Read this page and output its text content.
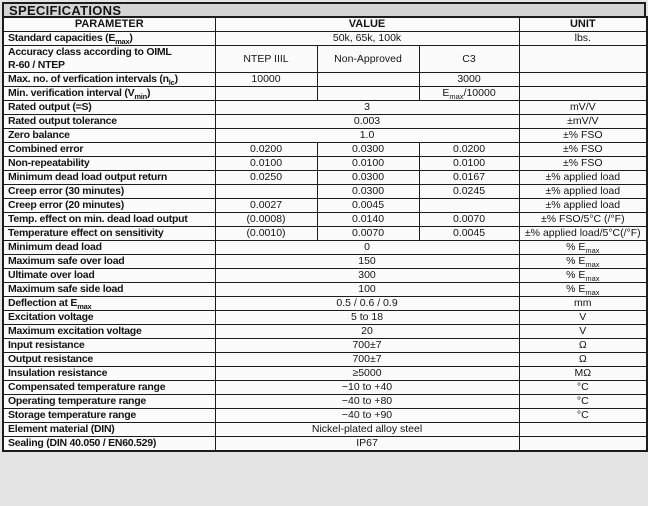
SPECIFICATIONS
PARAMETER	VALUE			UNIT

Standard capacities $(E_{max})$	50k, 65k, 100k			lbs.

Accuracy class according to OIML
R-60 / NTEP	NTEP IIIL	Non-Approved	C3	

Max. no. of verfication intervals $(n_{lc})$	10000		3000	

Min. verification interval $(V_{min})$			$E_{max}/10000$	

Rated output (=S)	3			mV/V

Rated output tolerance	0.003			±mV/V

Zero balance	1.0			±% FSO

Combined error	0.0200	0.0300	0.0200	±% FSO

Non-repeatability	0.0100	0.0100	0.0100	±% FSO

Minimum dead load output return	0.0250	0.0300	0.0167	±% applied load

Creep error (30 minutes)		0.0300	0.0245	±% applied load

Creep error (20 minutes)	0.0027	0.0045		±% applied load

Temp. effect on min. dead load output	(0.0008)	0.0140	0.0070	±% FSO/5°C (/°F)

Temperature effect on sensitivity	(0.0010)	0.0070	0.0045	±% applied load/5°C(/°F)

Minimum dead load	0			% $E_{max}$

Maximum safe over load	150			% $E_{max}$

Ultimate over load	300			% $E_{max}$

Maximum safe side load	100			% $E_{max}$

Deflection at $E_{max}$	0.5 / 0.6 / 0.9			mm

Excitation voltage	5 to 18			V

Maximum excitation voltage	20			V

Input resistance	700±7			Ω

Output resistance	700±7			Ω

Insulation resistance	≥5000			MΩ

Compensated temperature range	−10 to +40			°C

Operating temperature range	−40 to +80			°C

Storage temperature range	−40 to +90			°C

Element material (DIN)	Nickel-plated alloy steel			

Sealing (DIN 40.050 / EN60.529)	IP67			
